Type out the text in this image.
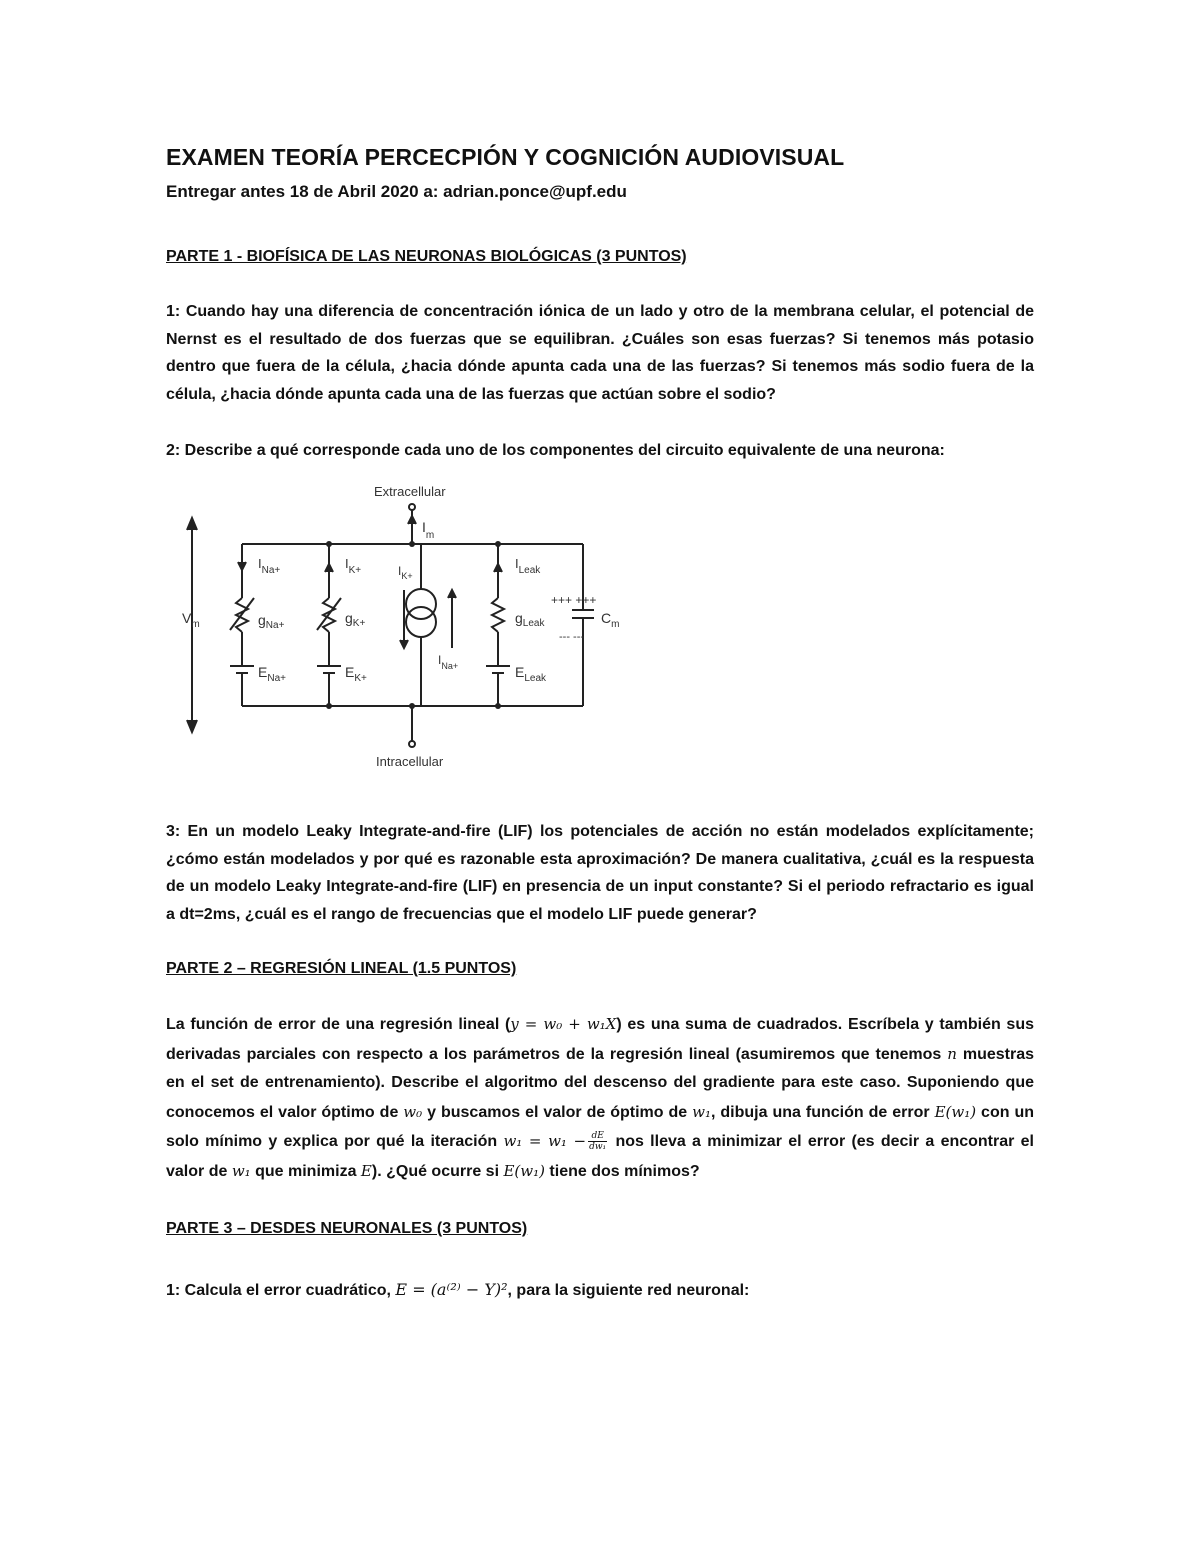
EXAMEN TEORÍA PERCECPIÓN Y COGNICIÓN AUDIOVISUAL
Entregar antes 18 de Abril 2020 a: adrian.ponce@upf.edu
PARTE 1 - BIOFÍSICA DE LAS NEURONAS BIOLÓGICAS (3 PUNTOS)
1: Cuando hay una diferencia de concentración iónica de un lado y otro de la membrana celular, el potencial de Nernst es el resultado de dos fuerzas que se equilibran. ¿Cuáles son esas fuerzas? Si tenemos más potasio dentro que fuera de la célula, ¿hacia dónde apunta cada una de las fuerzas? Si tenemos más sodio fuera de la célula, ¿hacia dónde apunta cada una de las fuerzas que actúan sobre el sodio?
2: Describe a qué corresponde cada uno de los componentes del circuito equivalente de una neurona:
Extracellular
Intracellular
$I_m$
$V_m$
$I_{Na+}$
$g_{Na+}$
$E_{Na+}$
$I_{K+}$
$g_{K+}$
$E_{K+}$
$I_{K+}$
$I_{Na+}$
$I_{Leak}$
$g_{Leak}$
$E_{Leak}$
+++ +++
--- ---
$C_m$
3: En un modelo Leaky Integrate-and-fire (LIF) los potenciales de acción no están modelados explícitamente; ¿cómo están modelados y por qué es razonable esta aproximación? De manera cualitativa, ¿cuál es la respuesta de un modelo Leaky Integrate-and-fire (LIF) en presencia de un input constante? Si el periodo refractario es igual a dt=2ms, ¿cuál es el rango de frecuencias que el modelo LIF puede generar?
PARTE 2 – REGRESIÓN LINEAL (1.5 PUNTOS)
La función de error de una regresión lineal (y = w₀ + w₁X) es una suma de cuadrados. Escríbela y también sus derivadas parciales con respecto a los parámetros de la regresión lineal (asumiremos que tenemos n muestras en el set de entrenamiento). Describe el algoritmo del descenso del gradiente para este caso. Suponiendo que conocemos el valor óptimo de w₀ y buscamos el valor de óptimo de w₁, dibuja una función de error E(w₁) con un solo mínimo y explica por qué la iteración $w_1 = w_1 - \frac{dE}{\text{dw₁}}$ nos lleva a minimizar el error (es decir a encontrar el valor de w₁ que minimiza E). ¿Qué ocurre si E(w₁) tiene dos mínimos?
PARTE 3 – DESDES NEURONALES (3 PUNTOS)
1: Calcula el error cuadrático, E = (a⁽²⁾ − Y)², para la siguiente red neuronal:
